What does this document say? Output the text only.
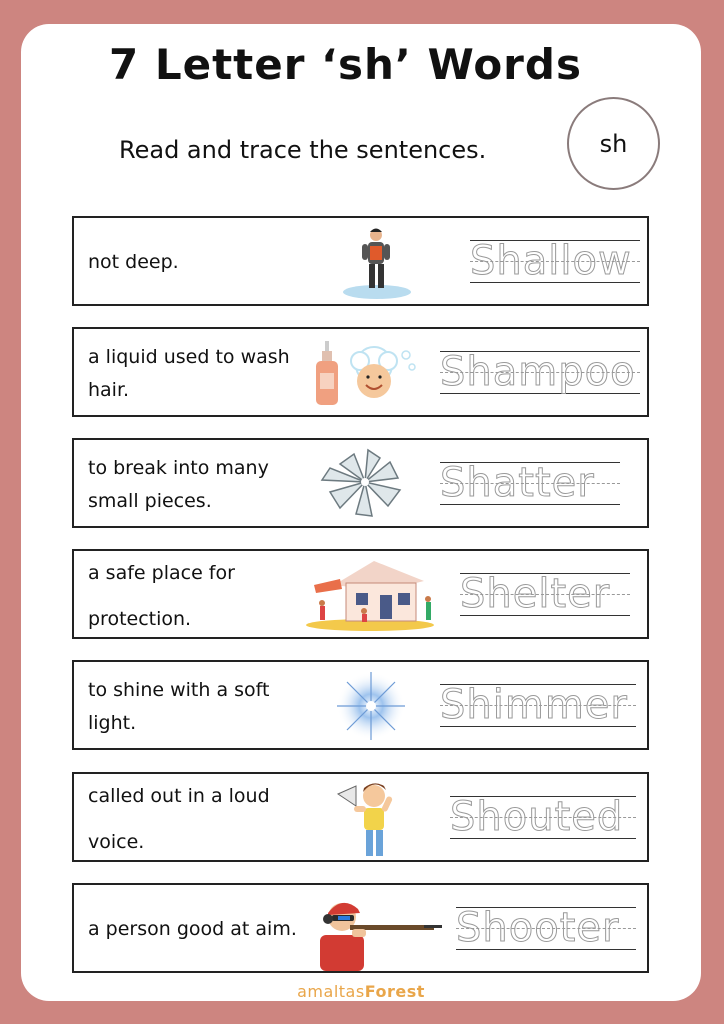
7 Letter ‘sh’ Words
Read and trace the sentences.	sh
not deep.	Shallow
a liquid used to wash hair.	Shampoo
to break into many small pieces.	Shatter
a safe place for protection.
Shelter
to shine with a soft light.	Shimmer
called out in a loud voice.
Shouted
a person good at aim.	Shooter
amaltasForest
